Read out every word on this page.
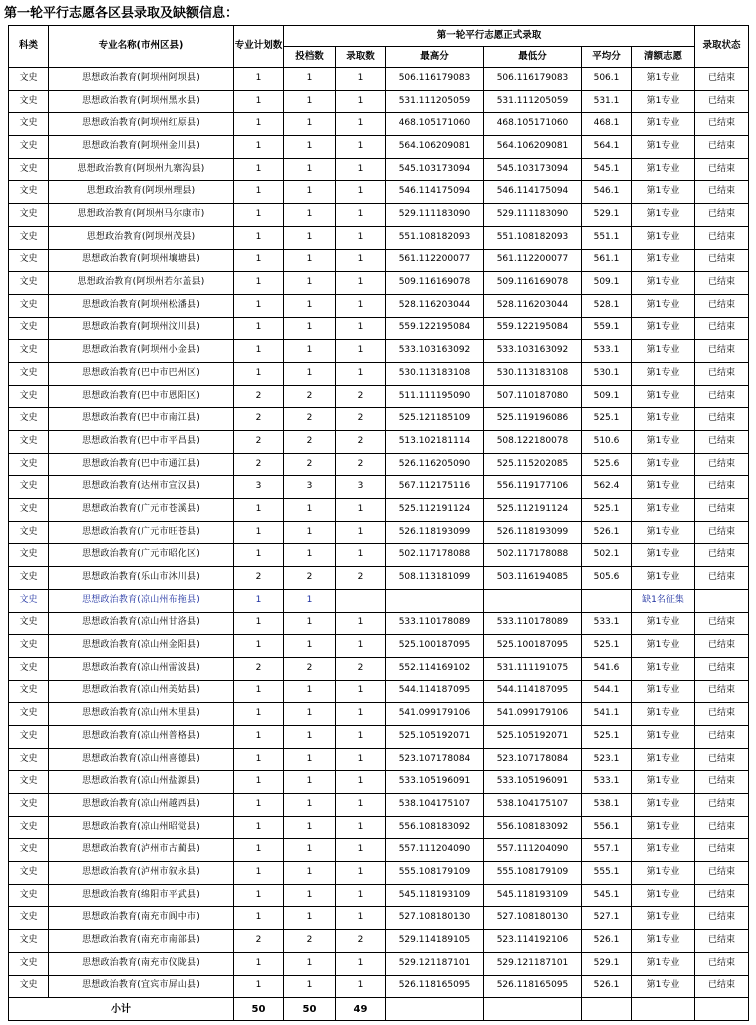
第一轮平行志愿各区县录取及缺额信息：
科类	专业名称(市州区县)	专业计划数	第一轮平行志愿正式录取						录取状态
			投档数	录取数	最高分	最低分	平均分	清额志愿	
文史	思想政治教育(阿坝州阿坝县)	1	1	1	506.116179083	506.116179083	506.1	第1专业	已结束
文史	思想政治教育(阿坝州黑水县)	1	1	1	531.111205059	531.111205059	531.1	第1专业	已结束
文史	思想政治教育(阿坝州红原县)	1	1	1	468.105171060	468.105171060	468.1	第1专业	已结束
文史	思想政治教育(阿坝州金川县)	1	1	1	564.106209081	564.106209081	564.1	第1专业	已结束
文史	思想政治教育(阿坝州九寨沟县)	1	1	1	545.103173094	545.103173094	545.1	第1专业	已结束
文史	思想政治教育(阿坝州理县)	1	1	1	546.114175094	546.114175094	546.1	第1专业	已结束
文史	思想政治教育(阿坝州马尔康市)	1	1	1	529.111183090	529.111183090	529.1	第1专业	已结束
文史	思想政治教育(阿坝州茂县)	1	1	1	551.108182093	551.108182093	551.1	第1专业	已结束
文史	思想政治教育(阿坝州壤塘县)	1	1	1	561.112200077	561.112200077	561.1	第1专业	已结束
文史	思想政治教育(阿坝州若尔盖县)	1	1	1	509.116169078	509.116169078	509.1	第1专业	已结束
文史	思想政治教育(阿坝州松潘县)	1	1	1	528.116203044	528.116203044	528.1	第1专业	已结束
文史	思想政治教育(阿坝州汶川县)	1	1	1	559.122195084	559.122195084	559.1	第1专业	已结束
文史	思想政治教育(阿坝州小金县)	1	1	1	533.103163092	533.103163092	533.1	第1专业	已结束
文史	思想政治教育(巴中市巴州区)	1	1	1	530.113183108	530.113183108	530.1	第1专业	已结束
文史	思想政治教育(巴中市恩阳区)	2	2	2	511.111195090	507.110187080	509.1	第1专业	已结束
文史	思想政治教育(巴中市南江县)	2	2	2	525.121185109	525.119196086	525.1	第1专业	已结束
文史	思想政治教育(巴中市平昌县)	2	2	2	513.102181114	508.122180078	510.6	第1专业	已结束
文史	思想政治教育(巴中市通江县)	2	2	2	526.116205090	525.115202085	525.6	第1专业	已结束
文史	思想政治教育(达州市宣汉县)	3	3	3	567.112175116	556.119177106	562.4	第1专业	已结束
文史	思想政治教育(广元市苍溪县)	1	1	1	525.112191124	525.112191124	525.1	第1专业	已结束
文史	思想政治教育(广元市旺苍县)	1	1	1	526.118193099	526.118193099	526.1	第1专业	已结束
文史	思想政治教育(广元市昭化区)	1	1	1	502.117178088	502.117178088	502.1	第1专业	已结束
文史	思想政治教育(乐山市沐川县)	2	2	2	508.113181099	503.116194085	505.6	第1专业	已结束
文史	思想政治教育(凉山州布拖县)	1	1					缺1名征集	
文史	思想政治教育(凉山州甘洛县)	1	1	1	533.110178089	533.110178089	533.1	第1专业	已结束
文史	思想政治教育(凉山州金阳县)	1	1	1	525.100187095	525.100187095	525.1	第1专业	已结束
文史	思想政治教育(凉山州雷波县)	2	2	2	552.114169102	531.111191075	541.6	第1专业	已结束
文史	思想政治教育(凉山州美姑县)	1	1	1	544.114187095	544.114187095	544.1	第1专业	已结束
文史	思想政治教育(凉山州木里县)	1	1	1	541.099179106	541.099179106	541.1	第1专业	已结束
文史	思想政治教育(凉山州普格县)	1	1	1	525.105192071	525.105192071	525.1	第1专业	已结束
文史	思想政治教育(凉山州喜德县)	1	1	1	523.107178084	523.107178084	523.1	第1专业	已结束
文史	思想政治教育(凉山州盐源县)	1	1	1	533.105196091	533.105196091	533.1	第1专业	已结束
文史	思想政治教育(凉山州越西县)	1	1	1	538.104175107	538.104175107	538.1	第1专业	已结束
文史	思想政治教育(凉山州昭觉县)	1	1	1	556.108183092	556.108183092	556.1	第1专业	已结束
文史	思想政治教育(泸州市古蔺县)	1	1	1	557.111204090	557.111204090	557.1	第1专业	已结束
文史	思想政治教育(泸州市叙永县)	1	1	1	555.108179109	555.108179109	555.1	第1专业	已结束
文史	思想政治教育(绵阳市平武县)	1	1	1	545.118193109	545.118193109	545.1	第1专业	已结束
文史	思想政治教育(南充市阆中市)	1	1	1	527.108180130	527.108180130	527.1	第1专业	已结束
文史	思想政治教育(南充市南部县)	2	2	2	529.114189105	523.114192106	526.1	第1专业	已结束
文史	思想政治教育(南充市仪陇县)	1	1	1	529.121187101	529.121187101	529.1	第1专业	已结束
文史	思想政治教育(宜宾市屏山县)	1	1	1	526.118165095	526.118165095	526.1	第1专业	已结束
小计		50	50	49					
